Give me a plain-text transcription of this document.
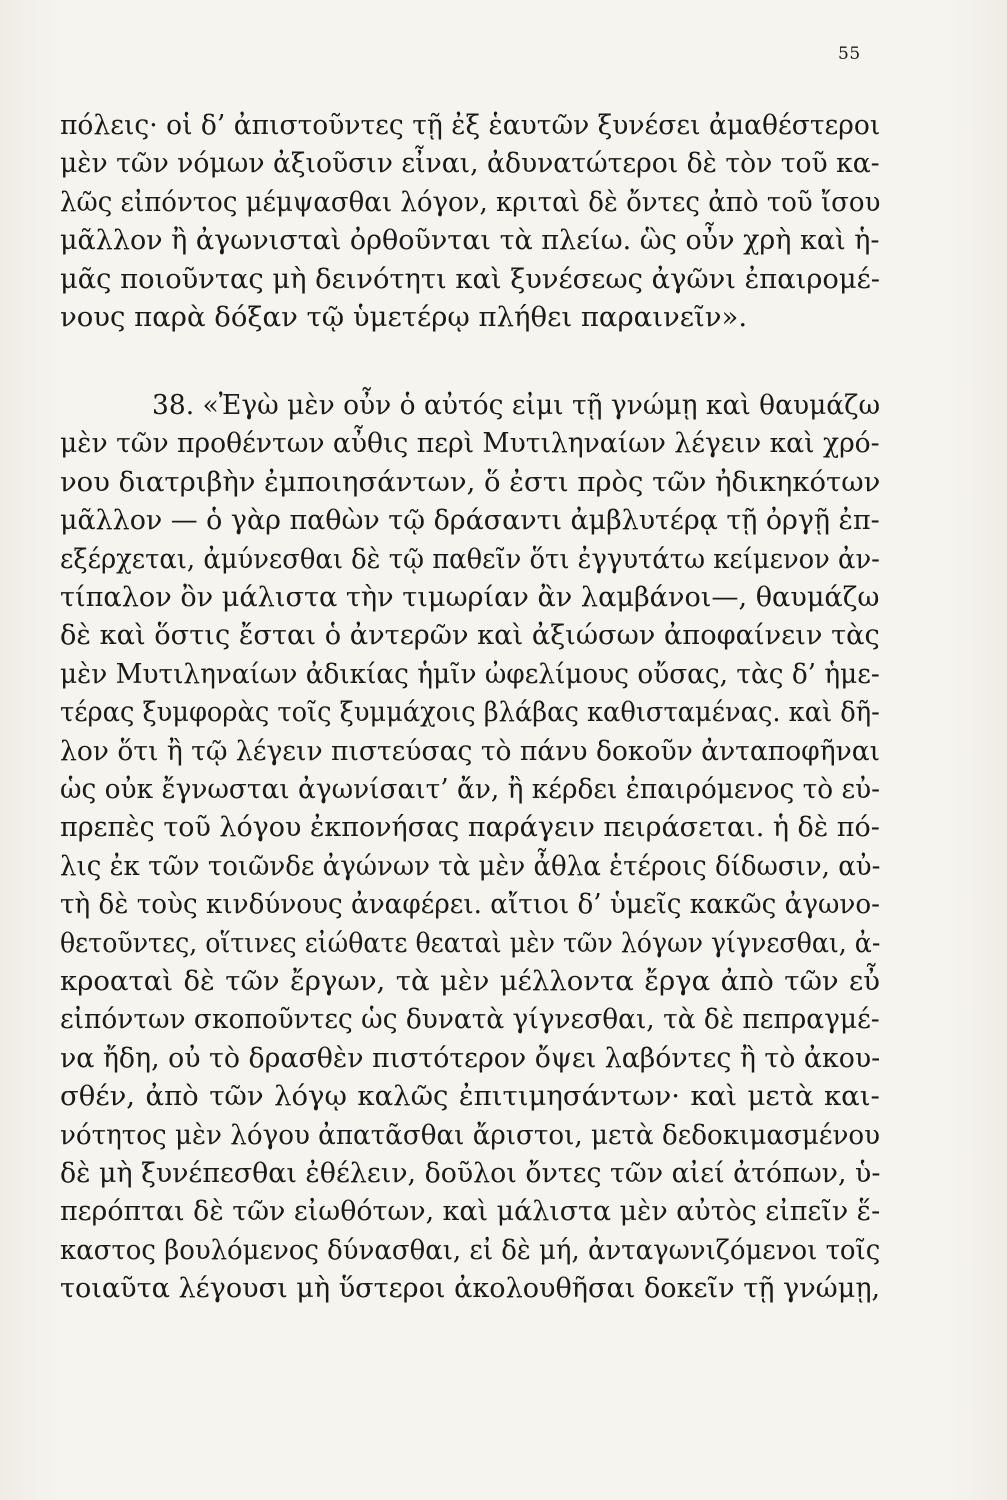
55
πόλεις· οἱ δ’ ἀπιστοῦντες τῇ ἐξ ἑαυτῶν ξυνέσει ἀμαθέστεροι
μὲν τῶν νόμων ἀξιοῦσιν εἶναι, ἀδυνατώτεροι δὲ τὸν τοῦ κα-
λῶς εἰπόντος μέμψασθαι λόγον, κριταὶ δὲ ὄντες ἀπὸ τοῦ ἴσου
μᾶλλον ἢ ἀγωνισταὶ ὀρθοῦνται τὰ πλείω. ὣς οὖν χρὴ καὶ ἡ-
μᾶς ποιοῦντας μὴ δεινότητι καὶ ξυνέσεως ἀγῶνι ἐπαιρομέ-
νους παρὰ δόξαν τῷ ὑμετέρῳ πλήθει παραινεῖν».
38. «Ἐγὼ μὲν οὖν ὁ αὐτός εἰμι τῇ γνώμῃ καὶ θαυμάζω
μὲν τῶν προθέντων αὖθις περὶ Μυτιληναίων λέγειν καὶ χρό-
νου διατριβὴν ἐμποιησάντων, ὅ ἐστι πρὸς τῶν ἠδικηκότων
μᾶλλον — ὁ γὰρ παθὼν τῷ δράσαντι ἀμβλυτέρᾳ τῇ ὀργῇ ἐπ-
εξέρχεται, ἀμύνεσθαι δὲ τῷ παθεῖν ὅτι ἐγγυτάτω κείμενον ἀν-
τίπαλον ὂν μάλιστα τὴν τιμωρίαν ἂν λαμβάνοι—, θαυμάζω
δὲ καὶ ὅστις ἔσται ὁ ἀντερῶν καὶ ἀξιώσων ἀποφαίνειν τὰς
μὲν Μυτιληναίων ἀδικίας ἡμῖν ὠφελίμους οὔσας, τὰς δ’ ἡμε-
τέρας ξυμφορὰς τοῖς ξυμμάχοις βλάβας καθισταμένας. καὶ δῆ-
λον ὅτι ἢ τῷ λέγειν πιστεύσας τὸ πάνυ δοκοῦν ἀνταποφῆναι
ὡς οὐκ ἔγνωσται ἀγωνίσαιτ’ ἄν, ἢ κέρδει ἐπαιρόμενος τὸ εὐ-
πρεπὲς τοῦ λόγου ἐκπονήσας παράγειν πειράσεται. ἡ δὲ πό-
λις ἐκ τῶν τοιῶνδε ἀγώνων τὰ μὲν ἆθλα ἑτέροις δίδωσιν, αὐ-
τὴ δὲ τοὺς κινδύνους ἀναφέρει. αἴτιοι δ’ ὑμεῖς κακῶς ἀγωνο-
θετοῦντες, οἵτινες εἰώθατε θεαταὶ μὲν τῶν λόγων γίγνεσθαι, ἀ-
κροαταὶ δὲ τῶν ἔργων, τὰ μὲν μέλλοντα ἔργα ἀπὸ τῶν εὖ
εἰπόντων σκοποῦντες ὡς δυνατὰ γίγνεσθαι, τὰ δὲ πεπραγμέ-
να ἤδη, οὐ τὸ δρασθὲν πιστότερον ὄψει λαβόντες ἢ τὸ ἀκου-
σθέν, ἀπὸ τῶν λόγῳ καλῶς ἐπιτιμησάντων· καὶ μετὰ και-
νότητος μὲν λόγου ἀπατᾶσθαι ἄριστοι, μετὰ δεδοκιμασμένου
δὲ μὴ ξυνέπεσθαι ἐθέλειν, δοῦλοι ὄντες τῶν αἰεί ἀτόπων, ὑ-
περόπται δὲ τῶν εἰωθότων, καὶ μάλιστα μὲν αὐτὸς εἰπεῖν ἕ-
καστος βουλόμενος δύνασθαι, εἰ δὲ μή, ἀνταγωνιζόμενοι τοῖς
τοιαῦτα λέγουσι μὴ ὕστεροι ἀκολουθῆσαι δοκεῖν τῇ γνώμῃ,
